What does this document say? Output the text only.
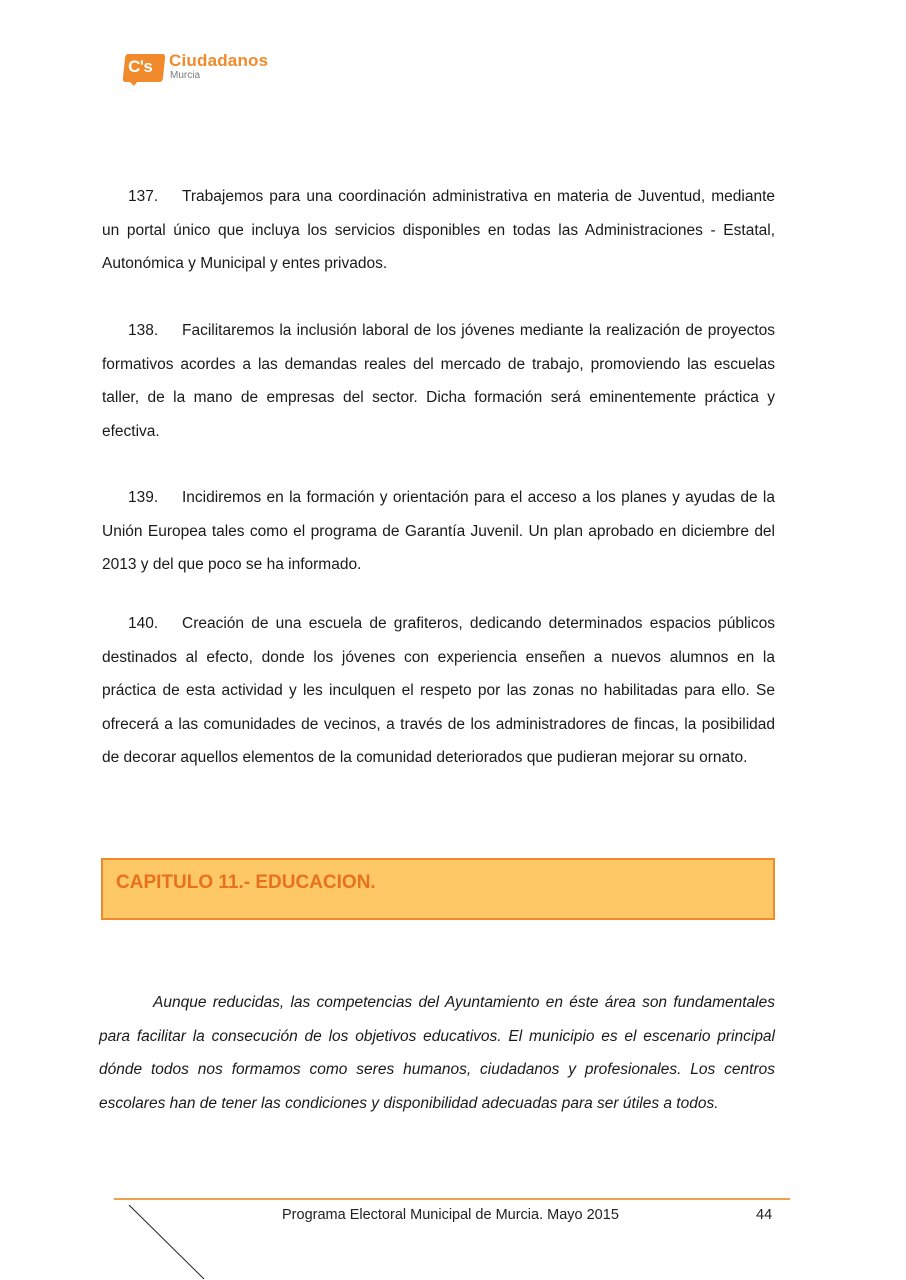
C's Ciudadanos
Murcia
137. Trabajemos para una coordinación administrativa en materia de Juventud, mediante un portal único que incluya los servicios disponibles en todas las Administraciones - Estatal, Autonómica y Municipal y entes privados.
138. Facilitaremos la inclusión laboral de los jóvenes mediante la realización de proyectos formativos acordes a las demandas reales del mercado de trabajo, promoviendo las escuelas taller, de la mano de empresas del sector. Dicha formación será eminentemente práctica y efectiva.
139. Incidiremos en la formación y orientación para el acceso a los planes y ayudas de la Unión Europea tales como el programa de Garantía Juvenil. Un plan aprobado en diciembre del 2013 y del que poco se ha informado.
140. Creación de una escuela de grafiteros, dedicando determinados espacios públicos destinados al efecto, donde los jóvenes con experiencia enseñen a nuevos alumnos en la práctica de esta actividad y les inculquen el respeto por las zonas no habilitadas para ello. Se ofrecerá a las comunidades de vecinos, a través de los administradores de fincas, la posibilidad de decorar aquellos elementos de la comunidad deteriorados que pudieran mejorar su ornato.
CAPITULO 11.- EDUCACION.
Aunque reducidas, las competencias del Ayuntamiento en éste área son fundamentales para facilitar la consecución de los objetivos educativos. El municipio es el escenario principal dónde todos nos formamos como seres humanos, ciudadanos y profesionales. Los centros escolares han de tener las condiciones y disponibilidad adecuadas para ser útiles a todos.
Programa Electoral Municipal de Murcia. Mayo 2015	44
